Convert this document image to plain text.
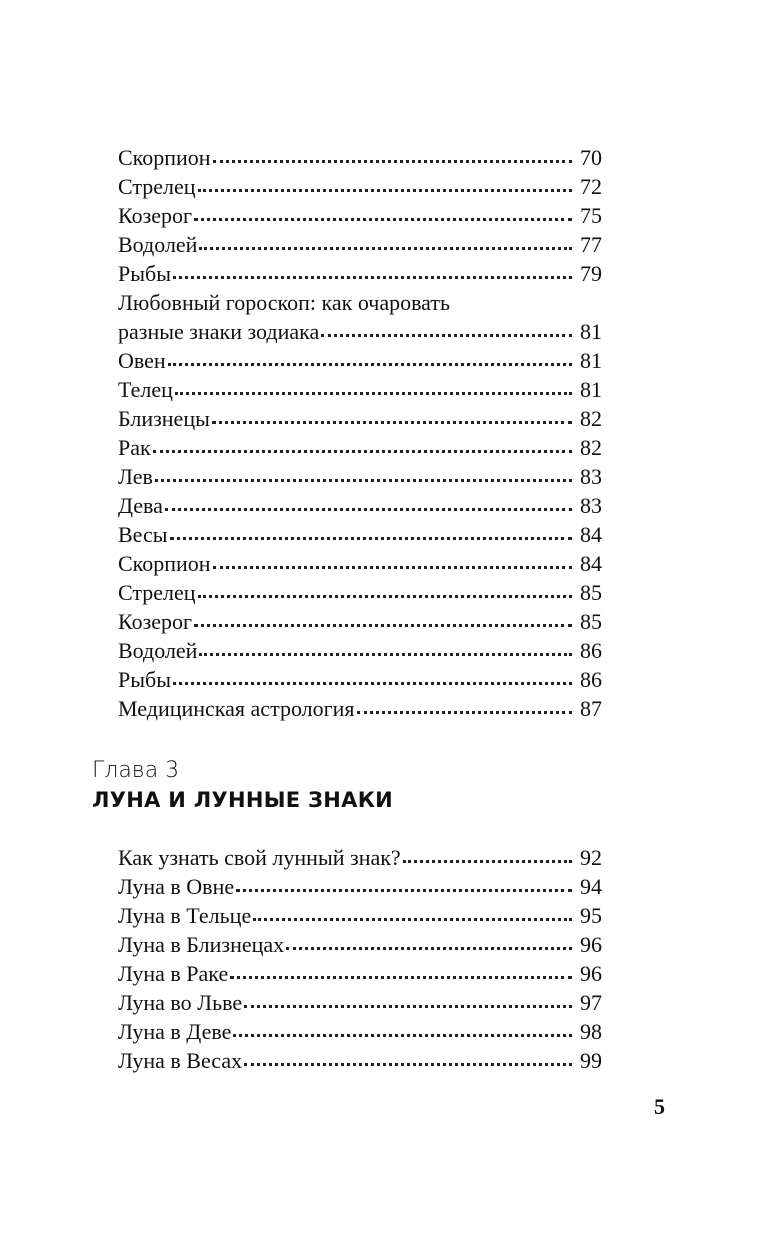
Скорпион	70
Стрелец	72
Козерог	75
Водолей	77
Рыбы	79
Любовный гороскоп: как очаровать
разные знаки зодиака	81
Овен	81
Телец	81
Близнецы	82
Рак	82
Лев	83
Дева	83
Весы	84
Скорпион	84
Стрелец	85
Козерог	85
Водолей	86
Рыбы	86
Медицинская астрология	87
Глава 3
ЛУНА И ЛУННЫЕ ЗНАКИ
Как узнать свой лунный знак?	92
Луна в Овне	94
Луна в Тельце	95
Луна в Близнецах	96
Луна в Раке	96
Луна во Льве	97
Луна в Деве	98
Луна в Весах	99
5
